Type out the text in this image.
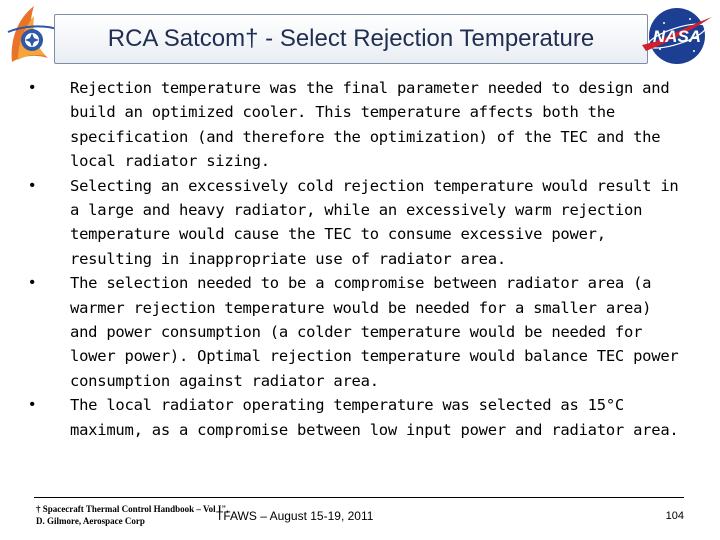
RCA Satcom† - Select Rejection Temperature	NASA
• Rejection temperature was the final parameter needed to design and build an optimized cooler. This temperature affects both the specification (and therefore the optimization) of the TEC and the local radiator sizing.
• Selecting an excessively cold rejection temperature would result in a large and heavy radiator, while an excessively warm rejection temperature would cause the TEC to consume excessive power, resulting in inappropriate use of radiator area.
• The selection needed to be a compromise between radiator area (a warmer rejection temperature would be needed for a smaller area) and power consumption (a colder temperature would be needed for lower power). Optimal rejection temperature would balance TEC power consumption against radiator area.
• The local radiator operating temperature was selected as 15°C maximum, as a compromise between low input power and radiator area.
† Spacecraft Thermal Control Handbook – Vol I",
D. Gilmore, Aerospace Corp	TFAWS – August 15-19, 2011	104
